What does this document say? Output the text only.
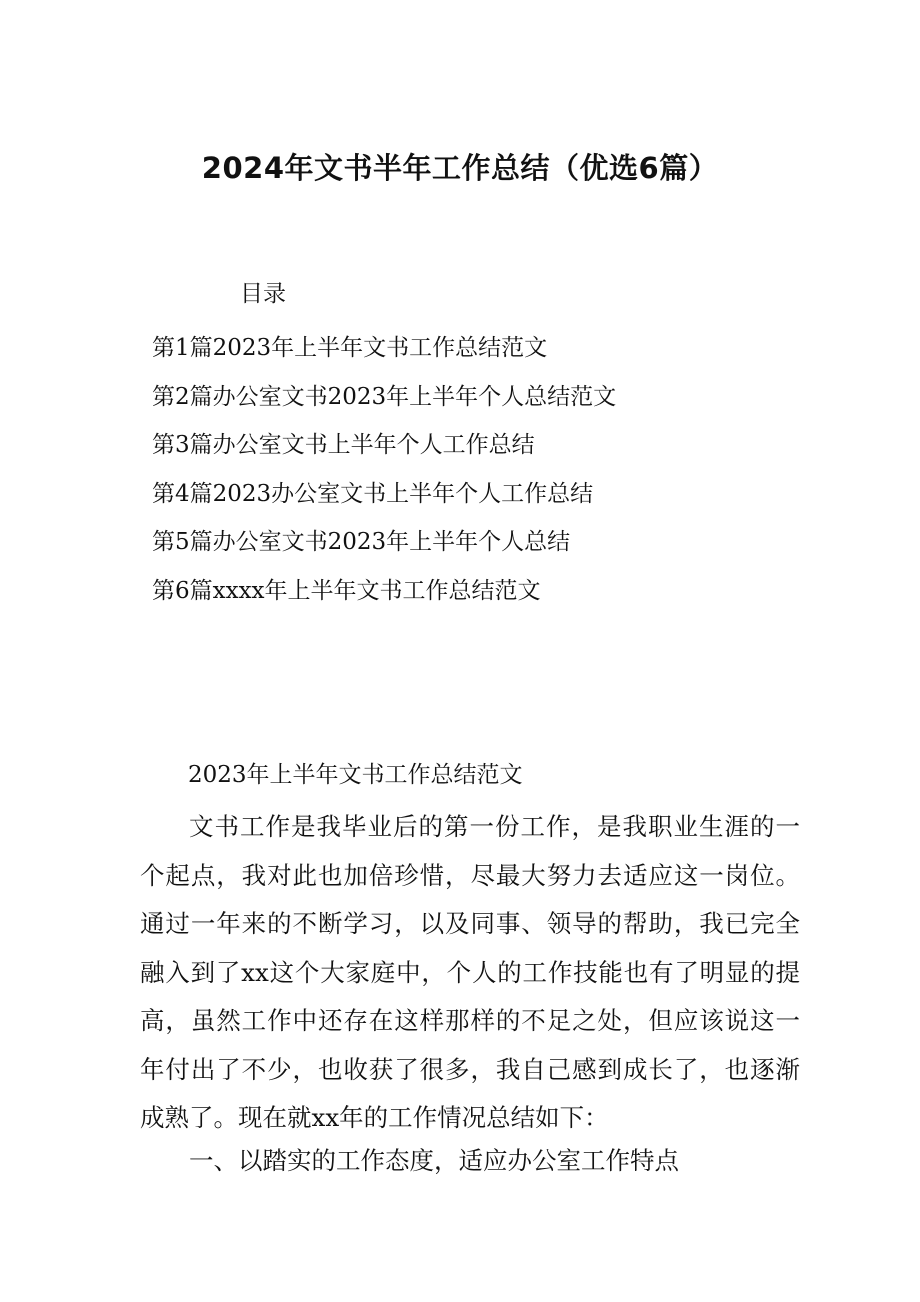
2024年文书半年工作总结（优选6篇）
目录
第1篇2023年上半年文书工作总结范文
第2篇办公室文书2023年上半年个人总结范文
第3篇办公室文书上半年个人工作总结
第4篇2023办公室文书上半年个人工作总结
第5篇办公室文书2023年上半年个人总结
第6篇xxxx年上半年文书工作总结范文
2023年上半年文书工作总结范文

文书工作是我毕业后的第一份工作，是我职业生涯的一个起点，我对此也加倍珍惜，尽最大努力去适应这一岗位。通过一年来的不断学习，以及同事、领导的帮助，我已完全融入到了xx这个大家庭中，个人的工作技能也有了明显的提高，虽然工作中还存在这样那样的不足之处，但应该说这一年付出了不少，也收获了很多，我自己感到成长了，也逐渐成熟了。现在就xx年的工作情况总结如下：

一、以踏实的工作态度，适应办公室工作特点
